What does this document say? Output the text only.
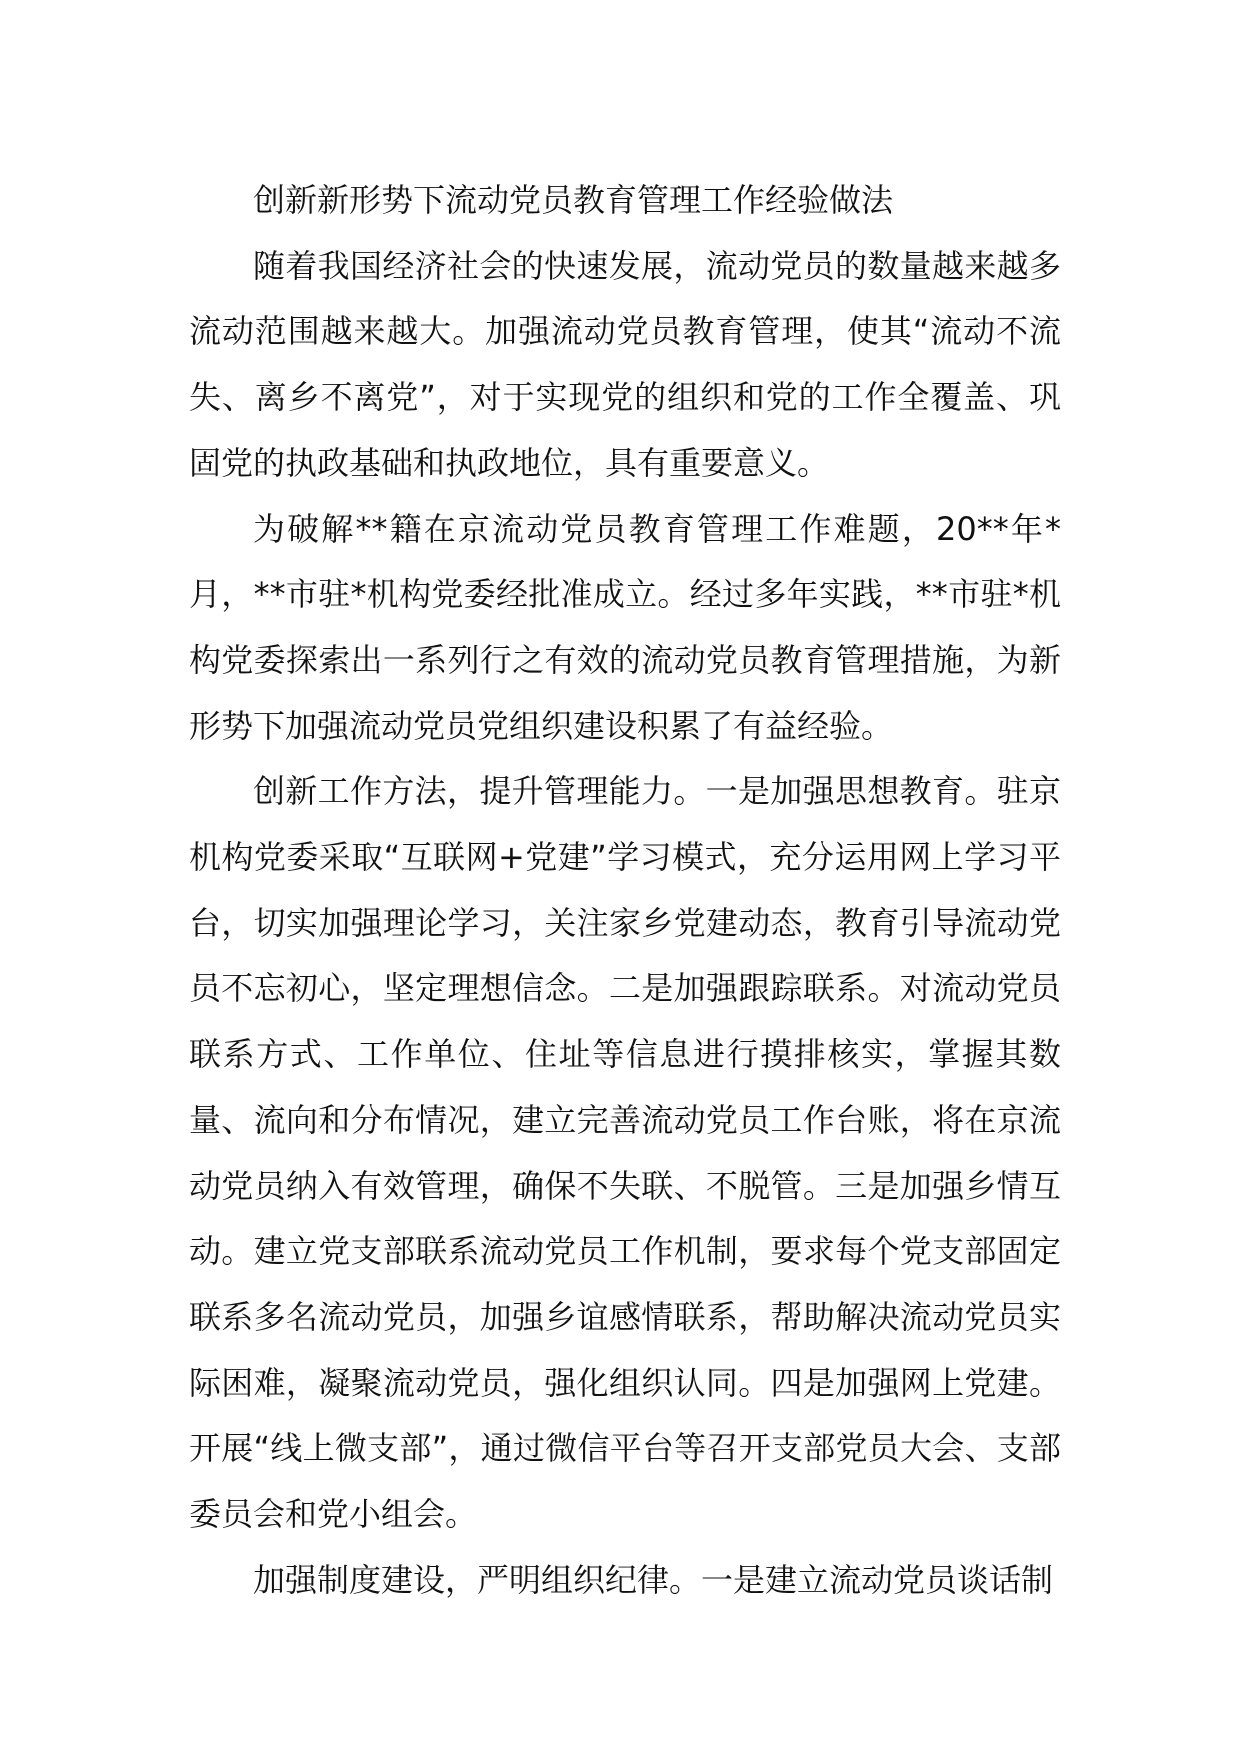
创新新形势下流动党员教育管理工作经验做法

随着我国经济社会的快速发展，流动党员的数量越来越多流动范围越来越大。加强流动党员教育管理，使其“流动不流失、离乡不离党”，对于实现党的组织和党的工作全覆盖、巩固党的执政基础和执政地位，具有重要意义。

为破解**籍在京流动党员教育管理工作难题，20**年*月，**市驻*机构党委经批准成立。经过多年实践，**市驻*机构党委探索出一系列行之有效的流动党员教育管理措施，为新形势下加强流动党员党组织建设积累了有益经验。

创新工作方法，提升管理能力。一是加强思想教育。驻京机构党委采取“互联网+党建”学习模式，充分运用网上学习平台，切实加强理论学习，关注家乡党建动态，教育引导流动党员不忘初心，坚定理想信念。二是加强跟踪联系。对流动党员联系方式、工作单位、住址等信息进行摸排核实，掌握其数量、流向和分布情况，建立完善流动党员工作台账，将在京流动党员纳入有效管理，确保不失联、不脱管。三是加强乡情互动。建立党支部联系流动党员工作机制，要求每个党支部固定联系多名流动党员，加强乡谊感情联系，帮助解决流动党员实际困难，凝聚流动党员，强化组织认同。四是加强网上党建。开展“线上微支部”，通过微信平台等召开支部党员大会、支部委员会和党小组会。

加强制度建设，严明组织纪律。一是建立流动党员谈话制
